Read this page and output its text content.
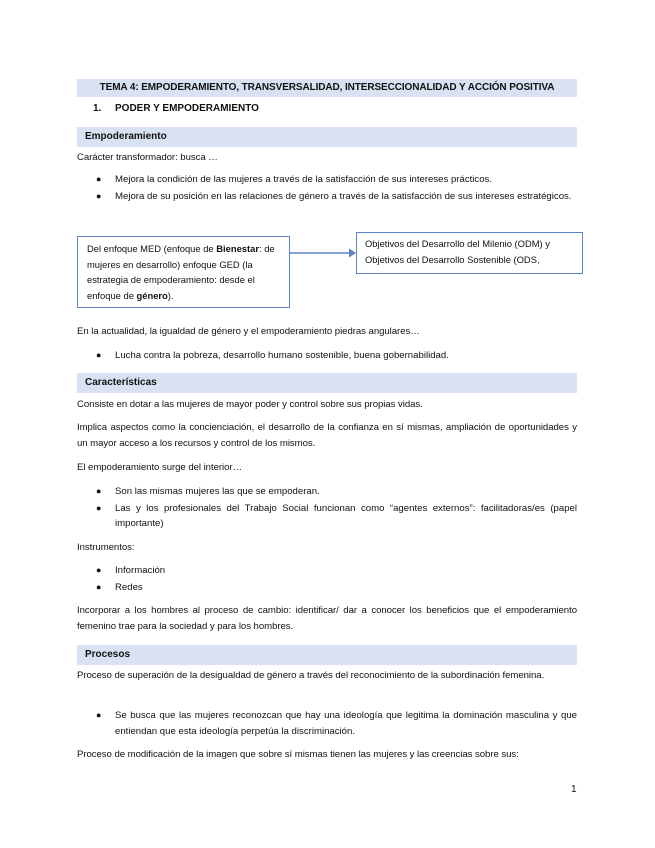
TEMA 4: EMPODERAMIENTO, TRANSVERSALIDAD, INTERSECCIONALIDAD Y ACCIÓN POSITIVA
1. PODER Y EMPODERAMIENTO
Empoderamiento
Carácter transformador: busca …
● Mejora la condición de las mujeres a través de la satisfacción de sus intereses prácticos.
● Mejora de su posición en las relaciones de género a través de la satisfacción de sus intereses estratégicos.
Del enfoque MED (enfoque de Bienestar: de mujeres en desarrollo) enfoque GED (la estrategia de empoderamiento: desde el enfoque de género).
Objetivos del Desarrollo del Milenio (ODM) y Objetivos del Desarrollo Sostenible (ODS,
En la actualidad, la igualdad de género y el empoderamiento piedras angulares…
● Lucha contra la pobreza, desarrollo humano sostenible, buena gobernabilidad.
Características
Consiste en dotar a las mujeres de mayor poder y control sobre sus propias vidas.
Implica aspectos como la concienciación, el desarrollo de la confianza en sí mismas, ampliación de oportunidades y un mayor acceso a los recursos y control de los mismos.
El empoderamiento surge del interior…
● Son las mismas mujeres las que se empoderan.
● Las y los profesionales del Trabajo Social funcionan como “agentes externos”: facilitadoras/es (papel importante)
Instrumentos:
● Información
● Redes
Incorporar a los hombres al proceso de cambio: identificar/ dar a conocer los beneficios que el empoderamiento femenino trae para la sociedad y para los hombres.
Procesos
Proceso de superación de la desigualdad de género a través del reconocimiento de la subordinación femenina.
● Se busca que las mujeres reconozcan que hay una ideología que legitima la dominación masculina y que entiendan que esta ideología perpetúa la discriminación.
Proceso de modificación de la imagen que sobre sí mismas tienen las mujeres y las creencias sobre sus:
1
